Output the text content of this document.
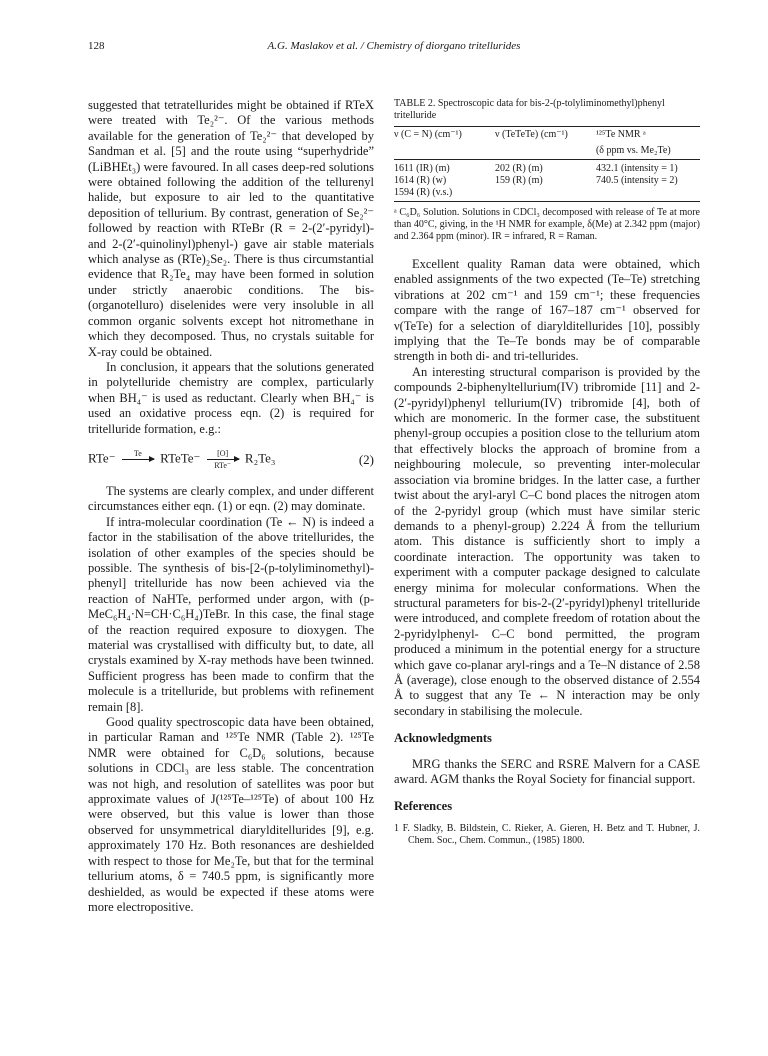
128	A.G. Maslakov et al. / Chemistry of diorgano tritellurides

suggested that tetratellurides might be obtained if RTeX were treated with Te₂²⁻. Of the various methods available for the generation of Te₂²⁻ that developed by Sandman et al. [5] and the route using “superhydride” (LiBHEt₃) were favoured. In all cases deep-red solutions were obtained following the addition of the tellurenyl halide, but exposure to air led to the quantitative deposition of tellurium. By contrast, generation of Se₂²⁻ followed by reaction with RTeBr (R = 2-(2′-pyridyl)- and 2-(2′-quinolinyl)phenyl-) gave air stable materials which analyse as (RTe)₂Se₂. There is thus circumstantial evidence that R₂Te₄ may have been formed in solution under strictly anaerobic conditions. The bis-(organotelluro) diselenides were very insoluble in all common organic solvents except hot nitromethane in which they decomposed. Thus, no crystals suitable for X-ray could be obtained.

In conclusion, it appears that the solutions generated in polytelluride chemistry are complex, particularly when BH₄⁻ is used as reductant. Clearly when BH₄⁻ is used an oxidative process eqn. (2) is required for tritelluride formation, e.g.:

RTe⁻	Te
	RTeTe⁻	[O]
RTe⁻
R₂Te₃	(2)

The systems are clearly complex, and under different circumstances either eqn. (1) or eqn. (2) may dominate.

If intra-molecular coordination (Te ← N) is indeed a factor in the stabilisation of the above tritellurides, the isolation of other examples of the species should be possible. The synthesis of bis-[2-(p-tolyliminomethyl)-phenyl] tritelluride has now been achieved via the reaction of NaHTe, performed under argon, with (p-MeC₆H₄·N=CH·C₆H₄)TeBr. In this case, the final stage of the reaction required exposure to dioxygen. The material was crystallised with difficulty but, to date, all crystals examined by X-ray methods have been twinned. Sufficient progress has been made to confirm that the molecule is a tritelluride, but problems with refinement remain [8].

Good quality spectroscopic data have been obtained, in particular Raman and ¹²⁵Te NMR (Table 2). ¹²⁵Te NMR were obtained for C₆D₆ solutions, because solutions in CDCl₃ are less stable. The concentration was not high, and resolution of satellites was poor but approximate values of J(¹²⁵Te–¹²⁵Te) of about 100 Hz were observed, but this value is lower than those observed for unsymmetrical diarylditellurides [9], e.g. approximately 170 Hz. Both resonances are deshielded with respect to those for Me₂Te, but that for the terminal tellurium atoms, δ = 740.5 ppm, is significantly more deshielded, as would be expected if these atoms were more electropositive.

TABLE 2. Spectroscopic data for bis-2-(p-tolyliminomethyl)phenyl tritelluride
ν (C = N) (cm⁻¹)	ν (TeTeTe) (cm⁻¹)	¹²⁵Te NMR ᵃ
		(δ ppm vs. Me₂Te)
1611 (IR) (m)	202 (R) (m)	432.1 (intensity = 1)
1614 (R) (w)	159 (R) (m)	740.5 (intensity = 2)
1594 (R) (v.s.)		
ᵃ C₆D₆ Solution. Solutions in CDCl₃ decomposed with release of Te at more than 40°C, giving, in the ¹H NMR for example, δ(Me) at 2.342 ppm (major) and 2.364 ppm (minor). IR = infrared, R = Raman.

Excellent quality Raman data were obtained, which enabled assignments of the two expected (Te–Te) stretching vibrations at 202 cm⁻¹ and 159 cm⁻¹; these frequencies compare with the range of 167–187 cm⁻¹ observed for ν(TeTe) for a selection of diarylditellurides [10], possibly implying that the Te–Te bonds may be of comparable strength in both di- and tri-tellurides.

An interesting structural comparison is provided by the compounds 2-biphenyltellurium(IV) tribromide [11] and 2-(2′-pyridyl)phenyl tellurium(IV) tribromide [4], both of which are monomeric. In the former case, the substituent phenyl-group occupies a position close to the tellurium atom that effectively blocks the approach of bromine from a neighbouring molecule, so preventing inter-molecular association via bromine bridges. In the latter case, a further twist about the aryl-aryl C–C bond places the nitrogen atom of the 2-pyridyl group (which must have similar steric demands to a phenyl-group) 2.224 Å from the tellurium atom. This distance is sufficiently short to imply a coordinate interaction. The opportunity was taken to experiment with a computer package designed to calculate energy minima for molecular conformations. When the structural parameters for bis-2-(2′-pyridyl)phenyl tritelluride were introduced, and complete freedom of rotation about the 2-pyridylphenyl- C–C bond permitted, the program produced a minimum in the potential energy for a structure which gave co-planar aryl-rings and a Te–N distance of 2.58 Å (average), close enough to the observed distance of 2.554 Å to suggest that any Te ← N interaction may be only secondary in stabilising the molecule.

Acknowledgments

MRG thanks the SERC and RSRE Malvern for a CASE award. AGM thanks the Royal Society for financial support.

References

1 F. Sladky, B. Bildstein, C. Rieker, A. Gieren, H. Betz and T. Hubner, J. Chem. Soc., Chem. Commun., (1985) 1800.
